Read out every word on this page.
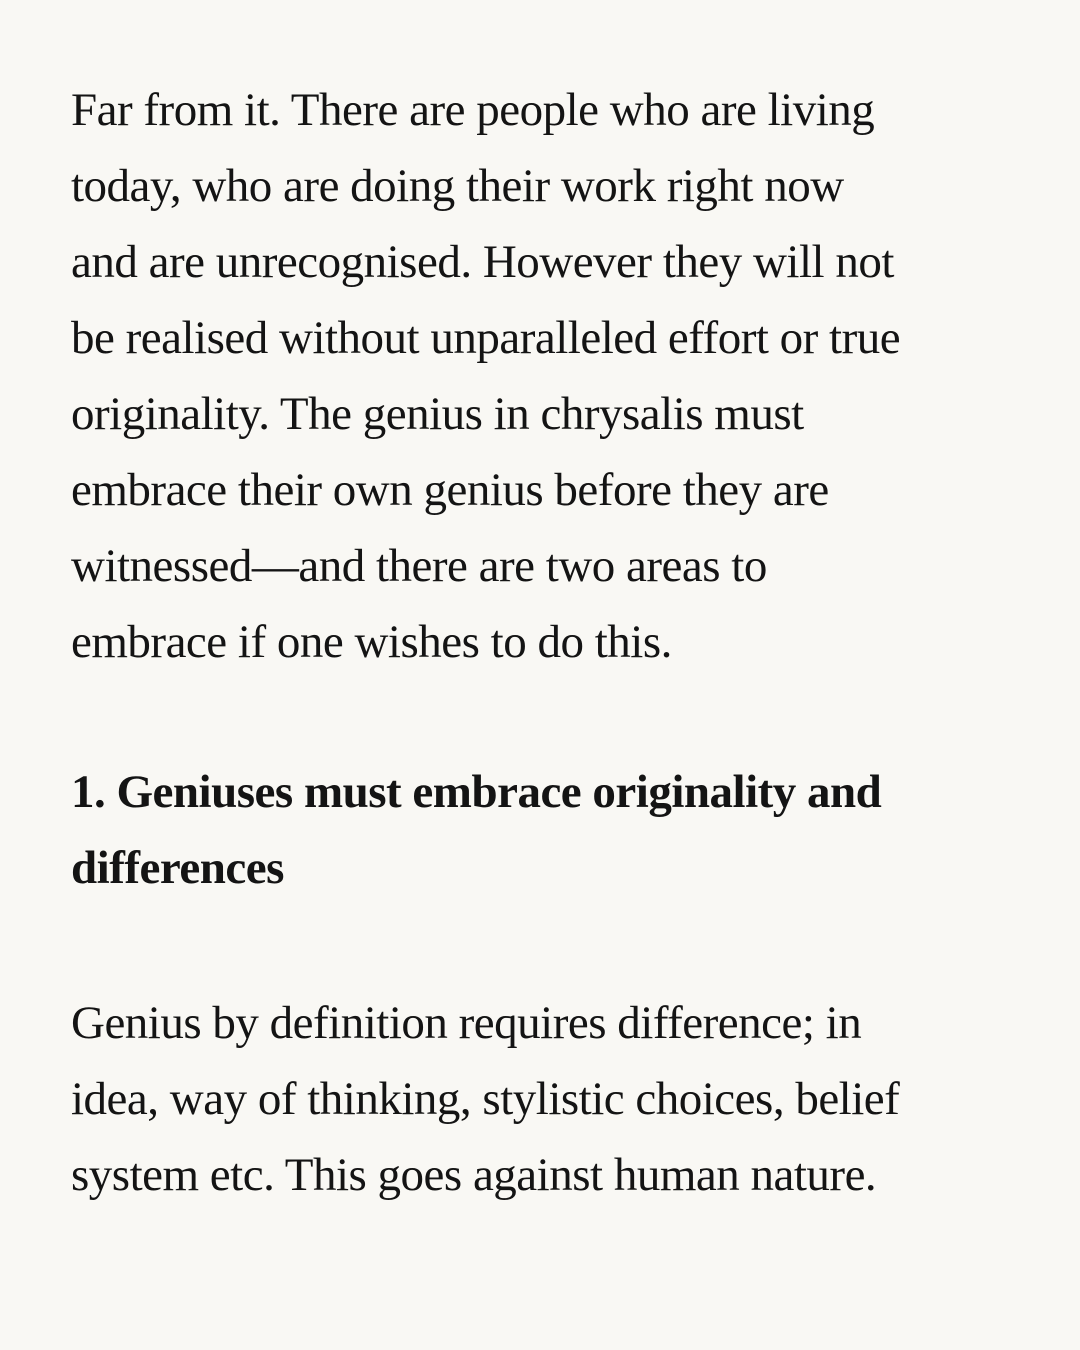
Far from it. There are people who are living
today, who are doing their work right now
and are unrecognised. However they will not
be realised without unparalleled effort or true
originality. The genius in chrysalis must
embrace their own genius before they are
witnessed—and there are two areas to
embrace if one wishes to do this.

1. Geniuses must embrace originality and
differences

Genius by definition requires difference; in
idea, way of thinking, stylistic choices, belief
system etc. This goes against human nature.
